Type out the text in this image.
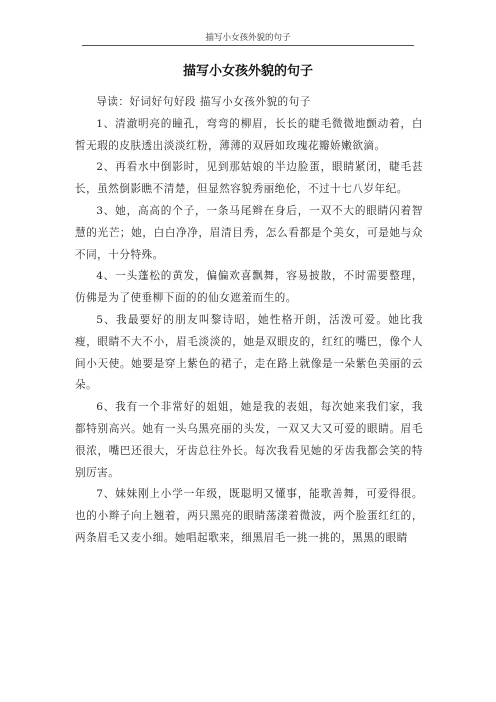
描写小女孩外貌的句子
描写小女孩外貌的句子

导读：好词好句好段 描写小女孩外貌的句子

1、清澈明亮的瞳孔，弯弯的柳眉，长长的睫毛微微地颤动着，白皙无瑕的皮肤透出淡淡红粉，薄薄的双唇如玫瑰花瓣娇嫩欲滴。

2、再看水中倒影时，见到那姑娘的半边脸蛋，眼睛紧闭，睫毛甚长，虽然倒影瞧不清楚，但显然容貌秀丽绝伦，不过十七八岁年纪。

3、她，高高的个子，一条马尾辫在身后，一双不大的眼睛闪着智慧的光芒；她，白白净净，眉清目秀，怎么看都是个美女，可是她与众不同，十分特殊。

4、一头蓬松的黄发，偏偏欢喜飘舞，容易披散，不时需要整理，仿佛是为了使垂柳下面的的仙女遮羞而生的。

5、我最要好的朋友叫黎诗昭，她性格开朗，活泼可爱。她比我瘦，眼睛不大不小，眉毛淡淡的，她是双眼皮的，红红的嘴巴，像个人间小天使。她要是穿上紫色的裙子，走在路上就像是一朵紫色美丽的云朵。

6、我有一个非常好的姐姐，她是我的表姐，每次她来我们家，我都特别高兴。她有一头乌黑亮丽的头发，一双又大又可爱的眼睛。眉毛很浓，嘴巴还很大，牙齿总往外长。每次我看见她的牙齿我都会笑的特别厉害。

7、妹妹刚上小学一年级，既聪明又懂事，能歌善舞，可爱得很。也的小辫子向上翘着，两只黑亮的眼睛荡漾着微波，两个脸蛋红红的，两条眉毛又麦小细。她唱起歌来，细黑眉毛一挑一挑的，黑黑的眼睛
